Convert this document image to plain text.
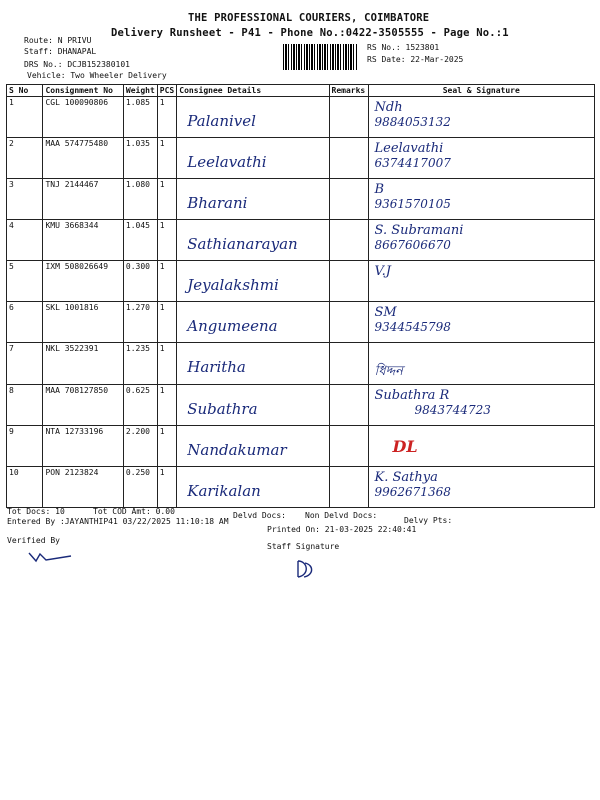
THE PROFESSIONAL COURIERS, COIMBATORE
Delivery Runsheet - P41 - Phone No.:0422-3505555 - Page No.:1
Route: N PRIVU
Staff: DHANAPAL
DRS No.: DCJB152380101
Vehicle: Two Wheeler Delivery
RS No.: 1523801
RS Date: 22-Mar-2025
S No	Consignment No	Weight	PCS	Consignee Details	Remarks	Seal & Signature
1	CGL 100090806	1.085	1	Palanivel		Ndh
9884053132

2	MAA 574775480	1.035	1	Leelavathi		Leelavathi
6374417007

3	TNJ 2144467	1.080	1	Bharani		B
9361570105

4	KMU 3668344	1.045	1	Sathianarayan		S. Subramani
8667606670

5	IXM 508026649	0.300	1	Jeyalakshmi		V.J

6	SKL 1001816	1.270	1	Angumeena		SM
9344545798

7	NKL 3522391	1.235	1	Haritha		ধিদ্দন

8	MAA 708127850	0.625	1	Subathra		Subathra R
9843744723

9	NTA 12733196	2.200	1	Nandakumar		DL
10	PON 2123824	0.250	1	Karikalan		K. Sathya
9962671368
Tot Docs: 10	Tot COD Amt: 0.00	Delvd Docs: Non Delvd Docs:
Delvy Pts:
Entered By :JAYANTHIP41 03/22/2025 11:10:18 AM
Printed On: 21-03-2025 22:40:41
Verified By
Staff Signature
